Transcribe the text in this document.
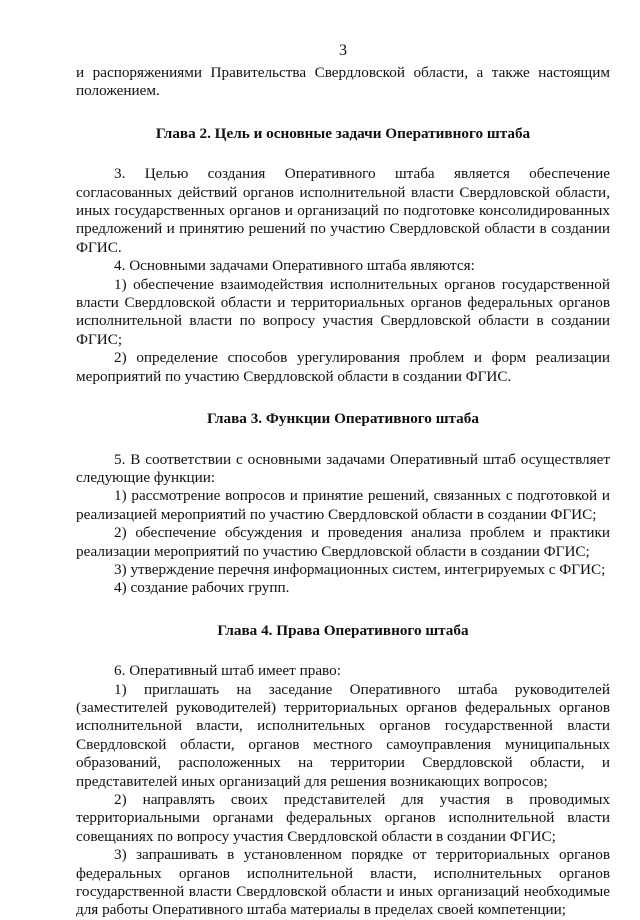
3

и распоряжениями Правительства Свердловской области, а также настоящим положением.

Глава 2. Цель и основные задачи Оперативного штаба

3. Целью создания Оперативного штаба является обеспечение согласованных действий органов исполнительной власти Свердловской области, иных государственных органов и организаций по подготовке консолидированных предложений и принятию решений по участию Свердловской области в создании ФГИС.

4. Основными задачами Оперативного штаба являются:

1) обеспечение взаимодействия исполнительных органов государственной власти Свердловской области и территориальных органов федеральных органов исполнительной власти по вопросу участия Свердловской области в создании ФГИС;

2) определение способов урегулирования проблем и форм реализации мероприятий по участию Свердловской области в создании ФГИС.

Глава 3. Функции Оперативного штаба

5. В соответствии с основными задачами Оперативный штаб осуществляет следующие функции:

1) рассмотрение вопросов и принятие решений, связанных с подготовкой и реализацией мероприятий по участию Свердловской области в создании ФГИС;

2) обеспечение обсуждения и проведения анализа проблем и практики реализации мероприятий по участию Свердловской области в создании ФГИС;

3) утверждение перечня информационных систем, интегрируемых с ФГИС;

4) создание рабочих групп.

Глава 4. Права Оперативного штаба

6. Оперативный штаб имеет право:

1) приглашать на заседание Оперативного штаба руководителей (заместителей руководителей) территориальных органов федеральных органов исполнительной власти, исполнительных органов государственной власти Свердловской области, органов местного самоуправления муниципальных образований, расположенных на территории Свердловской области, и представителей иных организаций для решения возникающих вопросов;

2) направлять своих представителей для участия в проводимых территориальными органами федеральных органов исполнительной власти совещаниях по вопросу участия Свердловской области в создании ФГИС;

3) запрашивать в установленном порядке от территориальных органов федеральных органов исполнительной власти, исполнительных органов государственной власти Свердловской области и иных организаций необходимые для работы Оперативного штаба материалы в пределах своей компетенции;
